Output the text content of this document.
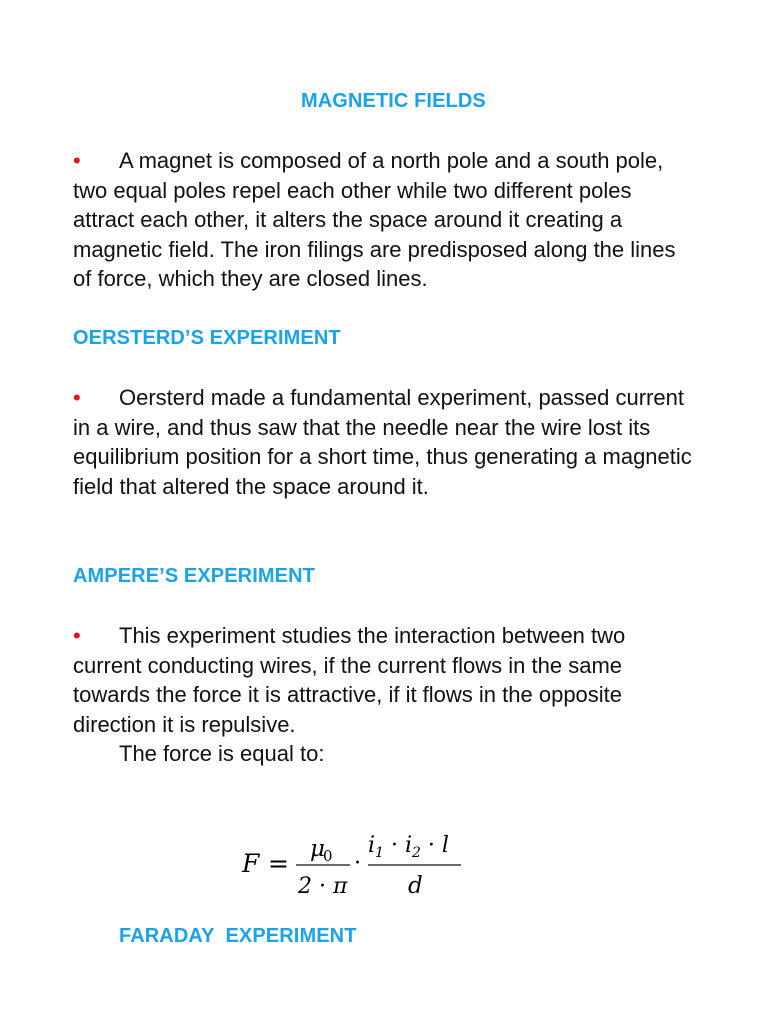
MAGNETIC FIELDS
• A magnet is composed of a north pole and a south pole, two equal poles repel each other while two different poles attract each other, it alters the space around it creating a magnetic field. The iron filings are predisposed along the lines of force, which they are closed lines.
OERSTERD’S EXPERIMENT
• Oersterd made a fundamental experiment, passed current in a wire, and thus saw that the needle near the wire lost its equilibrium position for a short time, thus generating a magnetic field that altered the space around it.
AMPERE’S EXPERIMENT
• This experiment studies the interaction between two current conducting wires, if the current flows in the same towards the force it is attractive, if it flows in the opposite direction it is repulsive.
The force is equal to:
F = μ
0
2 · π
·
$i_1 \cdot i_2 \cdot l$
d
FARADAY  EXPERIMENT
